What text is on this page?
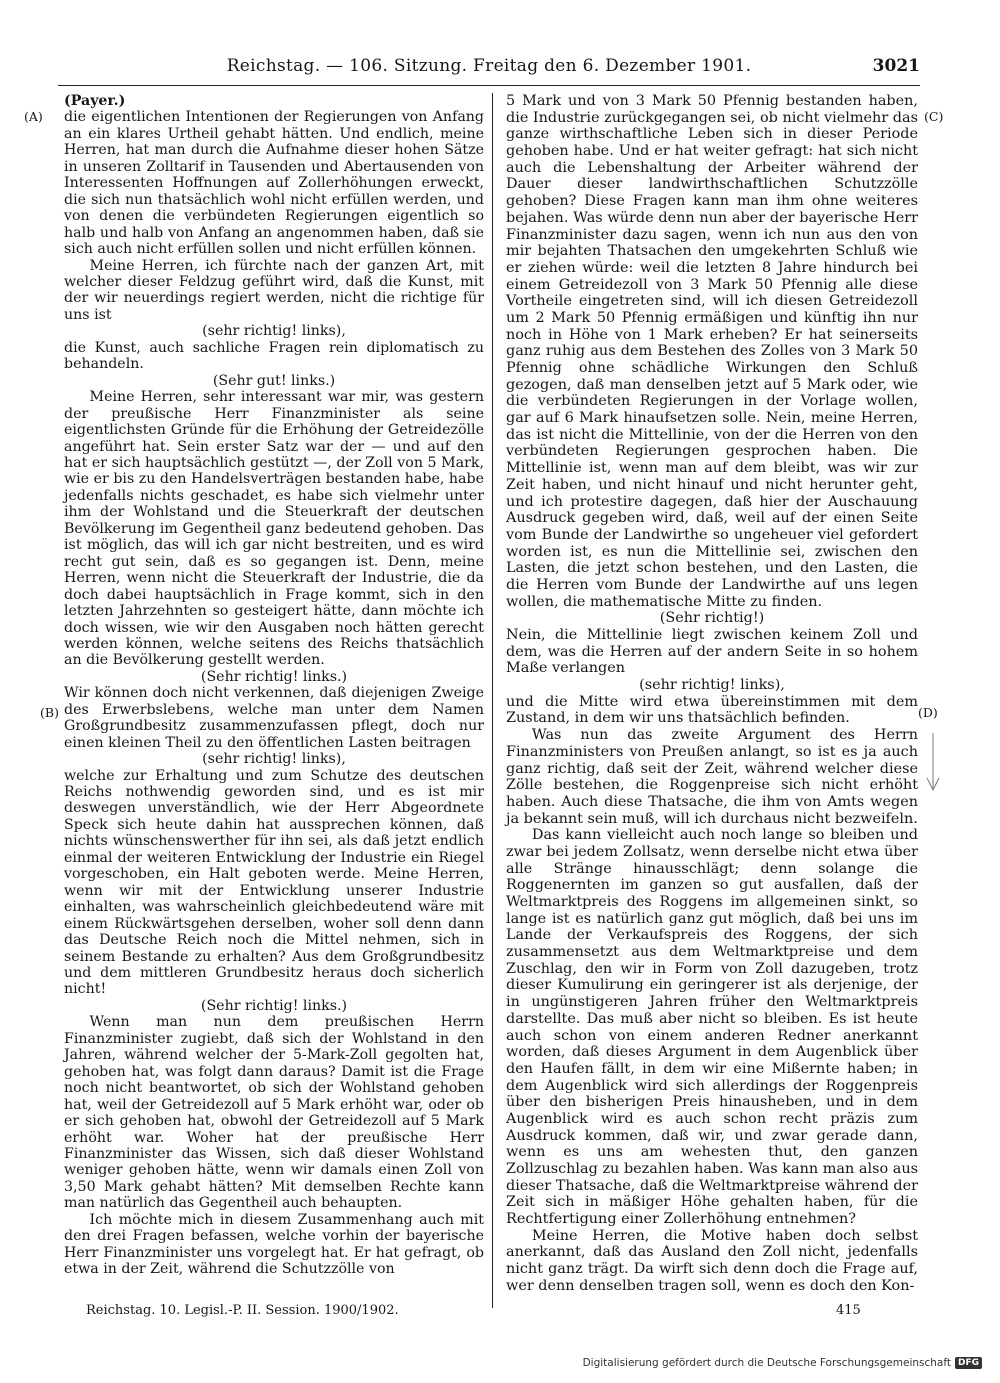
Reichstag. — 106. Sitzung. Freitag den 6. Dezember 1901.	3021
(A)
(B)
(C)
(D)

(Payer.)

die eigentlichen Intentionen der Regierungen von Anfang an ein klares Urtheil gehabt hätten. Und endlich, meine Herren, hat man durch die Aufnahme dieser hohen Sätze in unseren Zolltarif in Tausenden und Abertausenden von Interessenten Hoffnungen auf Zollerhöhungen erweckt, die sich nun thatsächlich wohl nicht erfüllen werden, und von denen die verbündeten Regierungen eigentlich so halb und halb von Anfang an angenommen haben, daß sie sich auch nicht erfüllen sollen und nicht erfüllen können.

Meine Herren, ich fürchte nach der ganzen Art, mit welcher dieser Feldzug geführt wird, daß die Kunst, mit der wir neuerdings regiert werden, nicht die richtige für uns ist

(sehr richtig! links),

die Kunst, auch sachliche Fragen rein diplomatisch zu behandeln.

(Sehr gut! links.)

Meine Herren, sehr interessant war mir, was gestern der preußische Herr Finanzminister als seine eigentlichsten Gründe für die Erhöhung der Getreidezölle angeführt hat. Sein erster Satz war der — und auf den hat er sich hauptsächlich gestützt —, der Zoll von 5 Mark, wie er bis zu den Handelsverträgen bestanden habe, habe jedenfalls nichts geschadet, es habe sich vielmehr unter ihm der Wohlstand und die Steuerkraft der deutschen Bevölkerung im Gegentheil ganz bedeutend gehoben. Das ist möglich, das will ich gar nicht bestreiten, und es wird recht gut sein, daß es so gegangen ist. Denn, meine Herren, wenn nicht die Steuerkraft der Industrie, die da doch dabei hauptsächlich in Frage kommt, sich in den letzten Jahrzehnten so gesteigert hätte, dann möchte ich doch wissen, wie wir den Ausgaben noch hätten gerecht werden können, welche seitens des Reichs thatsächlich an die Bevölkerung gestellt werden.

(Sehr richtig! links.)

Wir können doch nicht verkennen, daß diejenigen Zweige des Erwerbslebens, welche man unter dem Namen Großgrundbesitz zusammenzufassen pflegt, doch nur einen kleinen Theil zu den öffentlichen Lasten beitragen

(sehr richtig! links),

welche zur Erhaltung und zum Schutze des deutschen Reichs nothwendig geworden sind, und es ist mir deswegen unverständlich, wie der Herr Abgeordnete Speck sich heute dahin hat aussprechen können, daß nichts wünschenswerther für ihn sei, als daß jetzt endlich einmal der weiteren Entwicklung der Industrie ein Riegel vorgeschoben, ein Halt geboten werde. Meine Herren, wenn wir mit der Entwicklung unserer Industrie einhalten, was wahrscheinlich gleichbedeutend wäre mit einem Rückwärtsgehen derselben, woher soll denn dann das Deutsche Reich noch die Mittel nehmen, sich in seinem Bestande zu erhalten? Aus dem Großgrundbesitz und dem mittleren Grundbesitz heraus doch sicherlich nicht!

(Sehr richtig! links.)

Wenn man nun dem preußischen Herrn Finanzminister zugiebt, daß sich der Wohlstand in den Jahren, während welcher der 5-Mark-Zoll gegolten hat, gehoben hat, was folgt dann daraus? Damit ist die Frage noch nicht beantwortet, ob sich der Wohlstand gehoben hat, weil der Getreidezoll auf 5 Mark erhöht war, oder ob er sich gehoben hat, obwohl der Getreidezoll auf 5 Mark erhöht war. Woher hat der preußische Herr Finanzminister das Wissen, sich daß dieser Wohlstand weniger gehoben hätte, wenn wir damals einen Zoll von 3,50 Mark gehabt hätten? Mit demselben Rechte kann man natürlich das Gegentheil auch behaupten.

Ich möchte mich in diesem Zusammenhang auch mit den drei Fragen befassen, welche vorhin der bayerische Herr Finanzminister uns vorgelegt hat. Er hat gefragt, ob etwa in der Zeit, während die Schutzzölle von

5 Mark und von 3 Mark 50 Pfennig bestanden haben, die Industrie zurückgegangen sei, ob nicht vielmehr das ganze wirthschaftliche Leben sich in dieser Periode gehoben habe. Und er hat weiter gefragt: hat sich nicht auch die Lebenshaltung der Arbeiter während der Dauer dieser landwirthschaftlichen Schutzzölle gehoben? Diese Fragen kann man ihm ohne weiteres bejahen. Was würde denn nun aber der bayerische Herr Finanzminister dazu sagen, wenn ich nun aus den von mir bejahten Thatsachen den umgekehrten Schluß wie er ziehen würde: weil die letzten 8 Jahre hindurch bei einem Getreidezoll von 3 Mark 50 Pfennig alle diese Vortheile eingetreten sind, will ich diesen Getreidezoll um 2 Mark 50 Pfennig ermäßigen und künftig ihn nur noch in Höhe von 1 Mark erheben? Er hat seinerseits ganz ruhig aus dem Bestehen des Zolles von 3 Mark 50 Pfennig ohne schädliche Wirkungen den Schluß gezogen, daß man denselben jetzt auf 5 Mark oder, wie die verbündeten Regierungen in der Vorlage wollen, gar auf 6 Mark hinaufsetzen solle. Nein, meine Herren, das ist nicht die Mittellinie, von der die Herren von den verbündeten Regierungen gesprochen haben. Die Mittellinie ist, wenn man auf dem bleibt, was wir zur Zeit haben, und nicht hinauf und nicht herunter geht, und ich protestire dagegen, daß hier der Auschauung Ausdruck gegeben wird, daß, weil auf der einen Seite vom Bunde der Landwirthe so ungeheuer viel gefordert worden ist, es nun die Mittellinie sei, zwischen den Lasten, die jetzt schon bestehen, und den Lasten, die die Herren vom Bunde der Landwirthe auf uns legen wollen, die mathematische Mitte zu finden.

(Sehr richtig!)

Nein, die Mittellinie liegt zwischen keinem Zoll und dem, was die Herren auf der andern Seite in so hohem Maße verlangen

(sehr richtig! links),

und die Mitte wird etwa übereinstimmen mit dem Zustand, in dem wir uns thatsächlich befinden.

Was nun das zweite Argument des Herrn Finanzministers von Preußen anlangt, so ist es ja auch ganz richtig, daß seit der Zeit, während welcher diese Zölle bestehen, die Roggenpreise sich nicht erhöht haben. Auch diese Thatsache, die ihm von Amts wegen ja bekannt sein muß, will ich durchaus nicht bezweifeln.

Das kann vielleicht auch noch lange so bleiben und zwar bei jedem Zollsatz, wenn derselbe nicht etwa über alle Stränge hinausschlägt; denn solange die Roggenernten im ganzen so gut ausfallen, daß der Weltmarktpreis des Roggens im allgemeinen sinkt, so lange ist es natürlich ganz gut möglich, daß bei uns im Lande der Verkaufspreis des Roggens, der sich zusammensetzt aus dem Weltmarktpreise und dem Zuschlag, den wir in Form von Zoll dazugeben, trotz dieser Kumulirung ein geringerer ist als derjenige, der in ungünstigeren Jahren früher den Weltmarktpreis darstellte. Das muß aber nicht so bleiben. Es ist heute auch schon von einem anderen Redner anerkannt worden, daß dieses Argument in dem Augenblick über den Haufen fällt, in dem wir eine Mißernte haben; in dem Augenblick wird sich allerdings der Roggenpreis über den bisherigen Preis hinausheben, und in dem Augenblick wird es auch schon recht präzis zum Ausdruck kommen, daß wir, und zwar gerade dann, wenn es uns am wehesten thut, den ganzen Zollzuschlag zu bezahlen haben. Was kann man also aus dieser Thatsache, daß die Weltmarktpreise während der Zeit sich in mäßiger Höhe gehalten haben, für die Rechtfertigung einer Zollerhöhung entnehmen?

Meine Herren, die Motive haben doch selbst anerkannt, daß das Ausland den Zoll nicht, jedenfalls nicht ganz trägt. Da wirft sich denn doch die Frage auf, wer denn denselben tragen soll, wenn es doch den Kon-

Reichstag. 10. Legisl.-P. II. Session. 1900/1902.	415
Digitalisierung gefördert durch die Deutsche Forschungsgemeinschaft DFG
